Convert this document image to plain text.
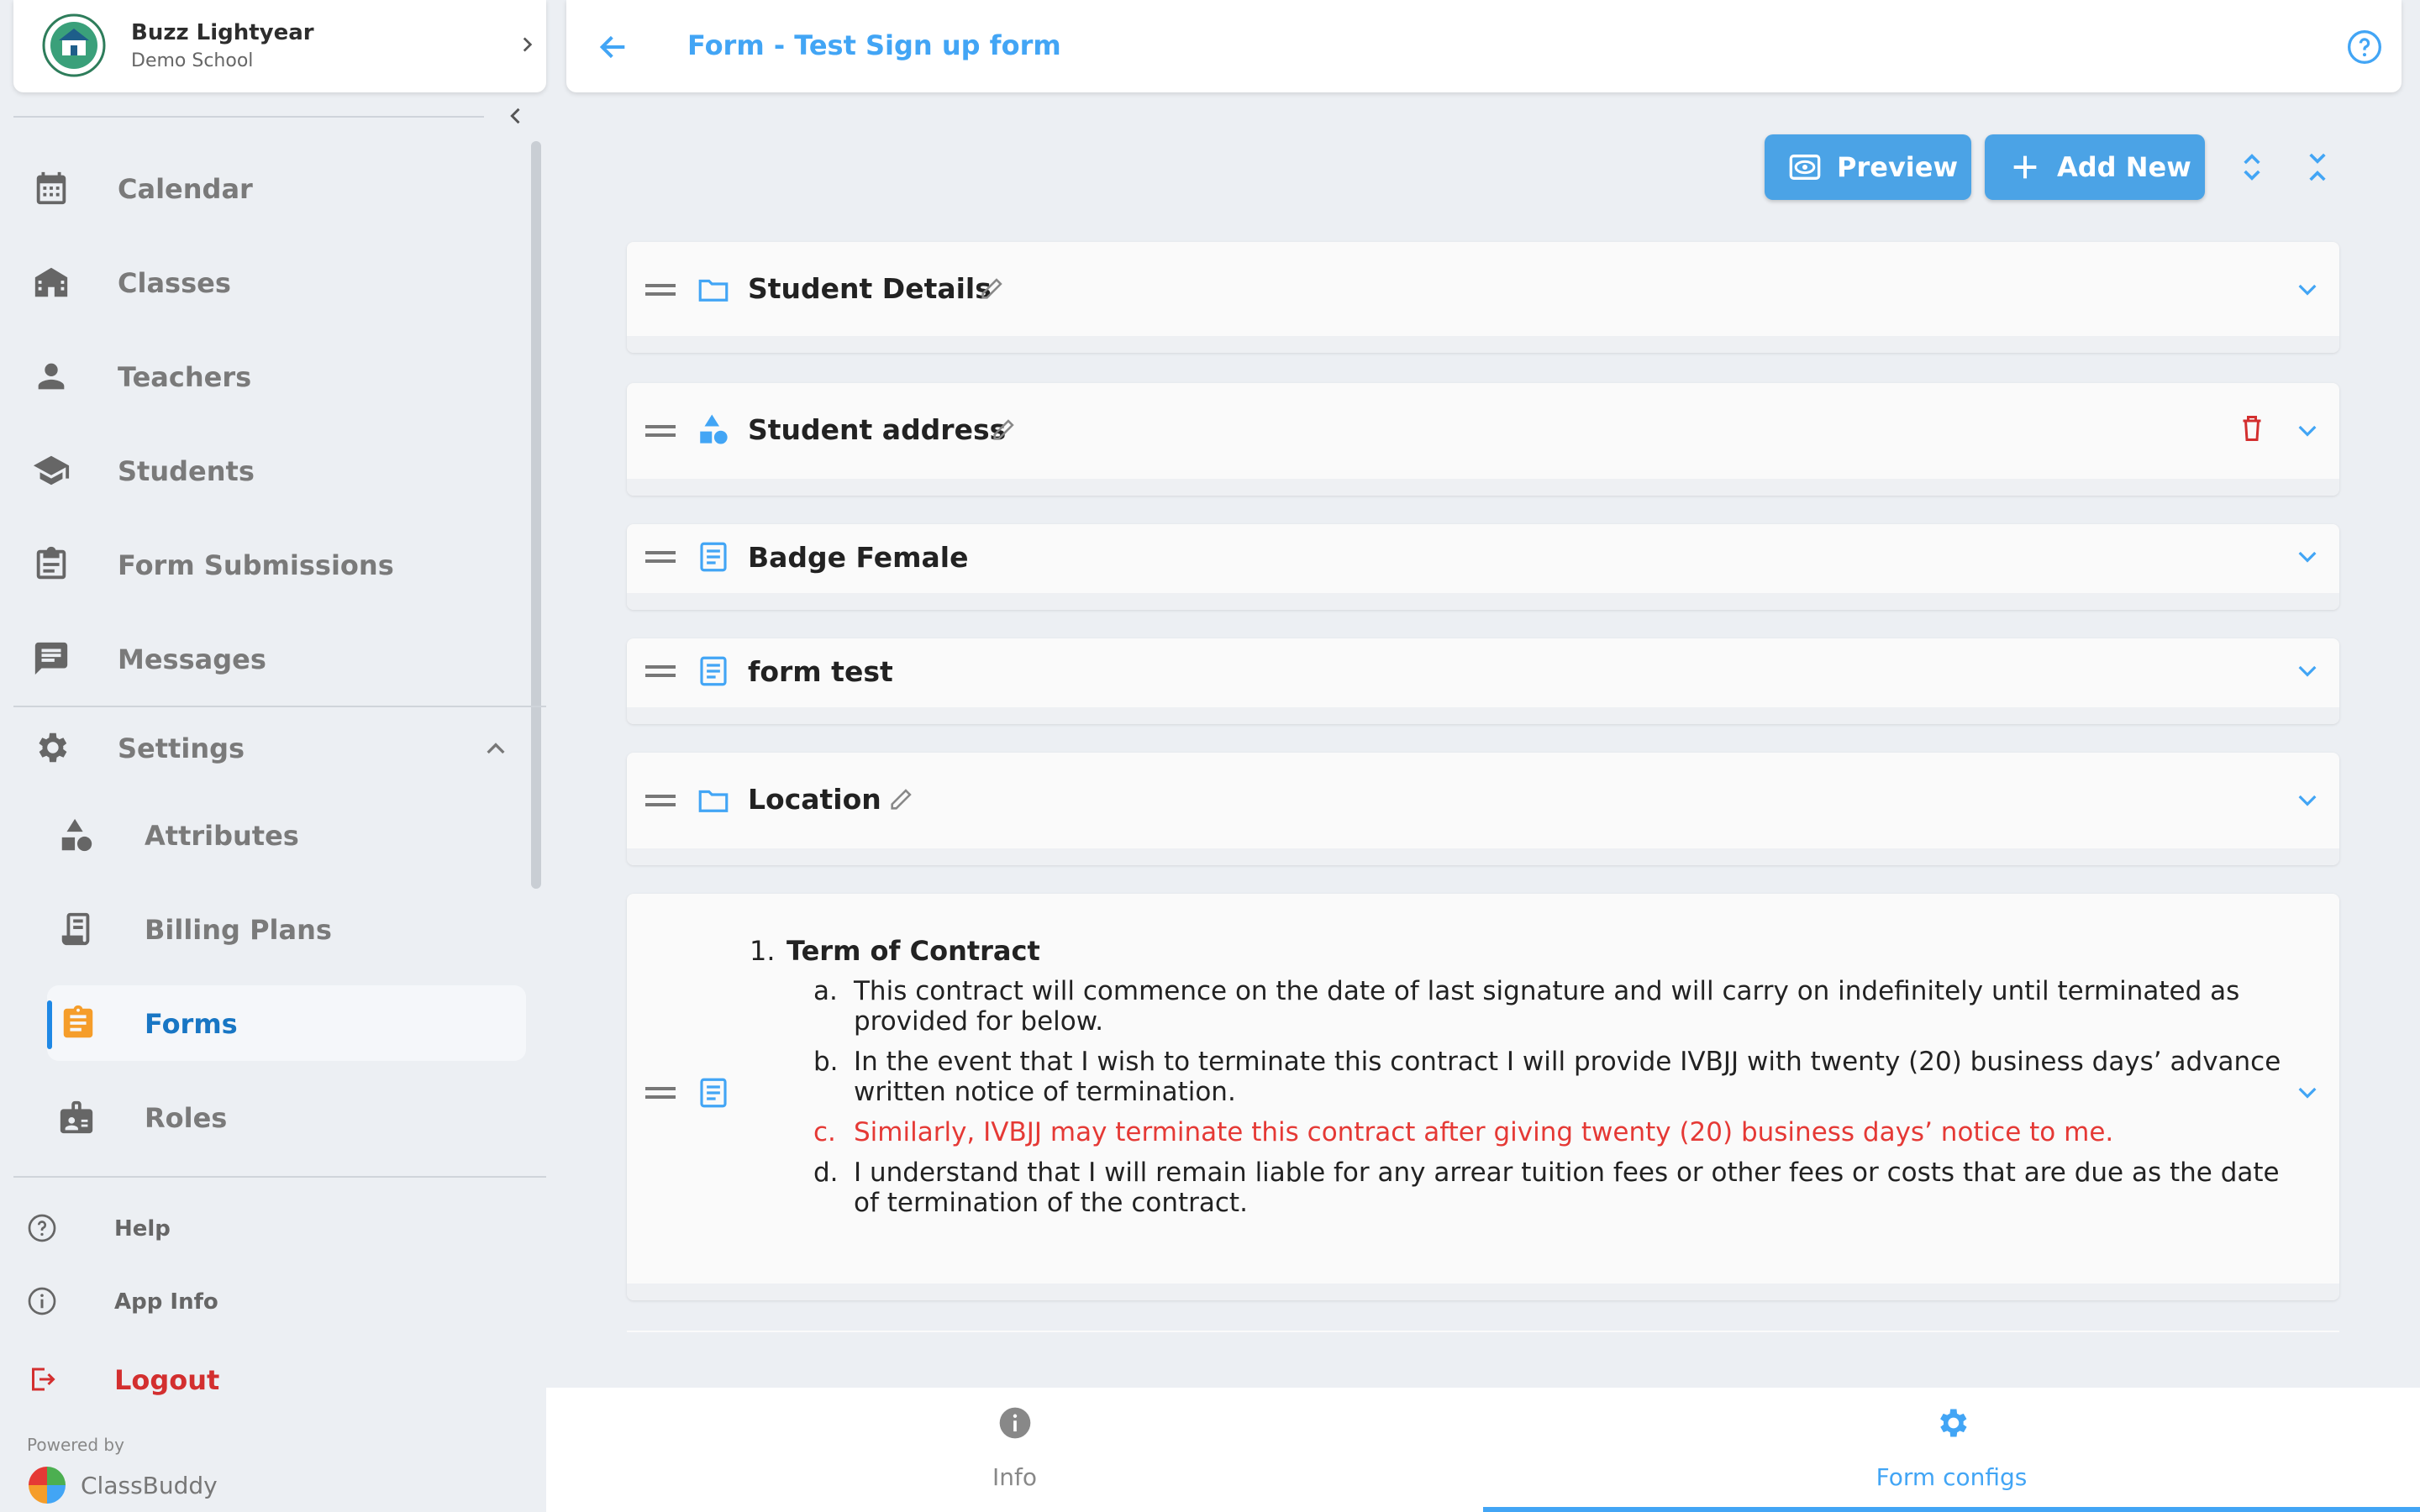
Buzz Lightyear
Demo School
Calendar
Classes
Teachers
Students
Form Submissions
Messages
Settings
Attributes
Billing Plans
Forms
Roles
Help
App Info
Logout
Powered by
ClassBuddy
Form - Test Sign up form
Preview	Add New
Student Details
Student address
Badge Female
form test
Location
1. Term of Contract
a. This contract will commence on the date of last signature and will carry on indefinitely until terminated as provided for below.
b. In the event that I wish to terminate this contract I will provide IVBJJ with twenty (20) business days’ advance written notice of termination.
c. Similarly, IVBJJ may terminate this contract after giving twenty (20) business days’ notice to me.
d. I understand that I will remain liable for any arrear tuition fees or other fees or costs that are due as the date of termination of the contract.
Info	Form configs
